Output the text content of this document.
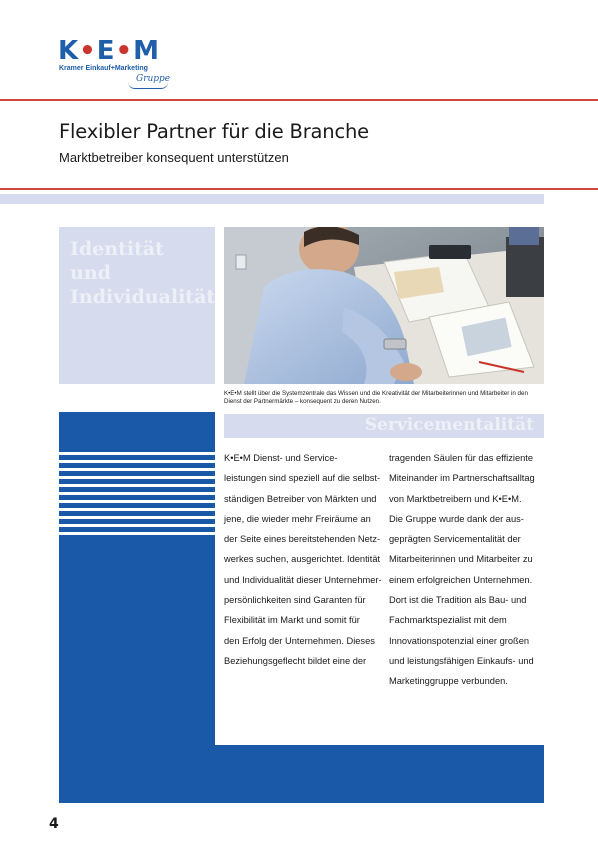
K•E•M
Kramer Einkauf+Marketing
Gruppe
Flexibler Partner für die Branche
Marktbetreiber konsequent unterstützen
Identität
und
Individualität
K•E•M stellt über die Systemzentrale das Wissen und die Kreativität der Mitarbeiterinnen und Mitarbeiter in den Dienst der Partnermärkte – konsequent zu deren Nutzen.
Servicementalität
K•E•M Dienst- und Service-
leistungen sind speziell auf die selbst-
ständigen Betreiber von Märkten und
jene, die wieder mehr Freiräume an
der Seite eines bereitstehenden Netz-
werkes suchen, ausgerichtet. Identität
und Individualität dieser Unternehmer-
persönlichkeiten sind Garanten für
Flexibilität im Markt und somit für
den Erfolg der Unternehmen. Dieses
Beziehungsgeflecht bildet eine der
tragenden Säulen für das effiziente
Miteinander im Partnerschaftsalltag
von Marktbetreibern und K•E•M.
Die Gruppe wurde dank der aus-
geprägten Servicementalität der
Mitarbeiterinnen und Mitarbeiter zu
einem erfolgreichen Unternehmen.
Dort ist die Tradition als Bau- und
Fachmarktspezialist mit dem
Innovationspotenzial einer großen
und leistungsfähigen Einkaufs- und
Marketinggruppe verbunden.
4
